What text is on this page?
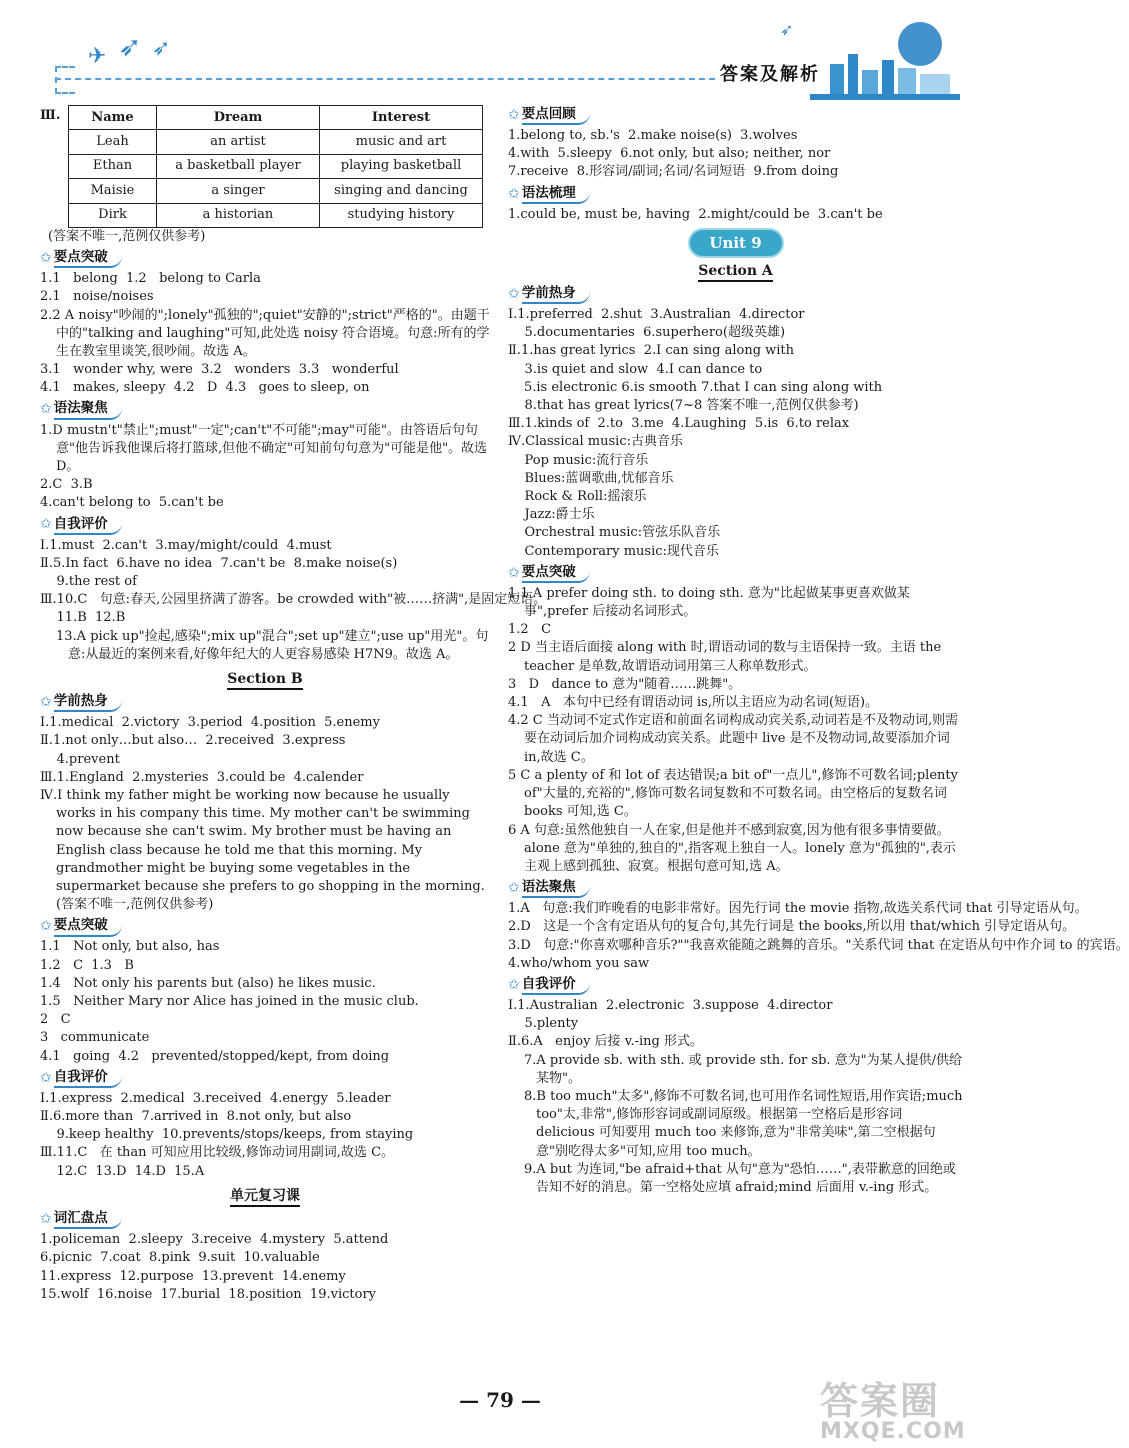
✈ ➶ ➶
➶
答案及解析
Ⅲ. Name	Dream	Interest
Leah	an artist	music and art
Ethan	a basketball player	playing basketball
Maisie	a singer	singing and dancing
Dirk	a historian	studying history
(答案不唯一,范例仅供参考)
✩ 要点突破
1.1   belong  1.2   belong to Carla
2.1   noise/noises
2.2 A noisy"吵闹的";lonely"孤独的";quiet"安静的";strict"严格的"。由题干中的"talking and laughing"可知,此处选 noisy 符合语境。句意:所有的学生在教室里谈笑,很吵闹。故选 A。
3.1   wonder why, were  3.2   wonders  3.3   wonderful
4.1   makes, sleepy  4.2   D  4.3   goes to sleep, on
✩ 语法聚焦
1.D mustn't"禁止";must"一定";can't"不可能";may"可能"。由答语后句句意"他告诉我他课后将打篮球,但他不确定"可知前句句意为"可能是他"。故选 D。
2.C  3.B
4.can't belong to  5.can't be
✩ 自我评价
Ⅰ.1.must  2.can't  3.may/might/could  4.must
Ⅱ.5.In fact  6.have no idea  7.can't be  8.make noise(s)
9.the rest of
Ⅲ.10.C   句意:春天,公园里挤满了游客。be crowded with"被……挤满",是固定短语。
11.B  12.B
13.A pick up"捡起,感染";mix up"混合";set up"建立";use up"用光"。句意:从最近的案例来看,好像年纪大的人更容易感染 H7N9。故选 A。
Section B
✩ 学前热身
Ⅰ.1.medical  2.victory  3.period  4.position  5.enemy
Ⅱ.1.not only…but also…  2.received  3.express
4.prevent
Ⅲ.1.England  2.mysteries  3.could be  4.calender
Ⅳ.I think my father might be working now because he usually works in his company this time. My mother can't be swimming now because she can't swim. My brother must be having an English class because he told me that this morning. My grandmother might be buying some vegetables in the supermarket because she prefers to go shopping in the morning.(答案不唯一,范例仅供参考)
✩ 要点突破
1.1   Not only, but also, has
1.2   C  1.3   B
1.4   Not only his parents but (also) he likes music.
1.5   Neither Mary nor Alice has joined in the music club.
2   C
3   communicate
4.1   going  4.2   prevented/stopped/kept, from doing
✩ 自我评价
Ⅰ.1.express  2.medical  3.received  4.energy  5.leader
Ⅱ.6.more than  7.arrived in  8.not only, but also
9.keep healthy  10.prevents/stops/keeps, from staying
Ⅲ.11.C   在 than 可知应用比较级,修饰动词用副词,故选 C。
12.C  13.D  14.D  15.A
单元复习课
✩ 词汇盘点
1.policeman  2.sleepy  3.receive  4.mystery  5.attend
6.picnic  7.coat  8.pink  9.suit  10.valuable
11.express  12.purpose  13.prevent  14.enemy
15.wolf  16.noise  17.burial  18.position  19.victory
✩ 要点回顾
1.belong to, sb.'s  2.make noise(s)  3.wolves
4.with  5.sleepy  6.not only, but also; neither, nor
7.receive  8.形容词/副词;名词/名词短语  9.from doing
✩ 语法梳理
1.could be, must be, having  2.might/could be  3.can't be
Unit 9
Section A
✩ 学前热身
Ⅰ.1.preferred  2.shut  3.Australian  4.director
5.documentaries  6.superhero(超级英雄)
Ⅱ.1.has great lyrics  2.I can sing along with
3.is quiet and slow  4.I can dance to
5.is electronic 6.is smooth 7.that I can sing along with
8.that has great lyrics(7~8 答案不唯一,范例仅供参考)
Ⅲ.1.kinds of  2.to  3.me  4.Laughing  5.is  6.to relax
Ⅳ.Classical music:古典音乐
Pop music:流行音乐
Blues:蓝调歌曲,忧郁音乐
Rock & Roll:摇滚乐
Jazz:爵士乐
Orchestral music:管弦乐队音乐
Contemporary music:现代音乐
✩ 要点突破
1.1 A prefer doing sth. to doing sth. 意为"比起做某事更喜欢做某事",prefer 后接动名词形式。
1.2   C
2 D 当主语后面接 along with 时,谓语动词的数与主语保持一致。主语 the teacher 是单数,故谓语动词用第三人称单数形式。
3   D   dance to 意为"随着……跳舞"。
4.1   A   本句中已经有谓语动词 is,所以主语应为动名词(短语)。
4.2 C 当动词不定式作定语和前面名词构成动宾关系,动词若是不及物动词,则需要在动词后加介词构成动宾关系。此题中 live 是不及物动词,故要添加介词 in,故选 C。
5 C a plenty of 和 lot of 表达错误;a bit of"一点儿",修饰不可数名词;plenty of"大量的,充裕的",修饰可数名词复数和不可数名词。由空格后的复数名词 books 可知,选 C。
6 A 句意:虽然他独自一人在家,但是他并不感到寂寞,因为他有很多事情要做。alone 意为"单独的,独自的",指客观上独自一人。lonely 意为"孤独的",表示主观上感到孤独、寂寞。根据句意可知,选 A。
✩ 语法聚焦
1.A   句意:我们昨晚看的电影非常好。因先行词 the movie 指物,故选关系代词 that 引导定语从句。
2.D   这是一个含有定语从句的复合句,其先行词是 the books,所以用 that/which 引导定语从句。
3.D   句意:"你喜欢哪种音乐?""我喜欢能随之跳舞的音乐。"关系代词 that 在定语从句中作介词 to 的宾语。
4.who/whom you saw
✩ 自我评价
Ⅰ.1.Australian  2.electronic  3.suppose  4.director
5.plenty
Ⅱ.6.A   enjoy 后接 v.-ing 形式。
7.A provide sb. with sth. 或 provide sth. for sb. 意为"为某人提供/供给某物"。
8.B too much"太多",修饰不可数名词,也可用作名词性短语,用作宾语;much too"太,非常",修饰形容词或副词原级。根据第一空格后是形容词 delicious 可知要用 much too 来修饰,意为"非常美味",第二空根据句意"别吃得太多"可知,应用 too much。
9.A but 为连词,"be afraid+that 从句"意为"恐怕……",表带歉意的回绝或告知不好的消息。第一空格处应填 afraid;mind 后面用 v.-ing 形式。
— 79 —	答案圈
MXQE.COM
